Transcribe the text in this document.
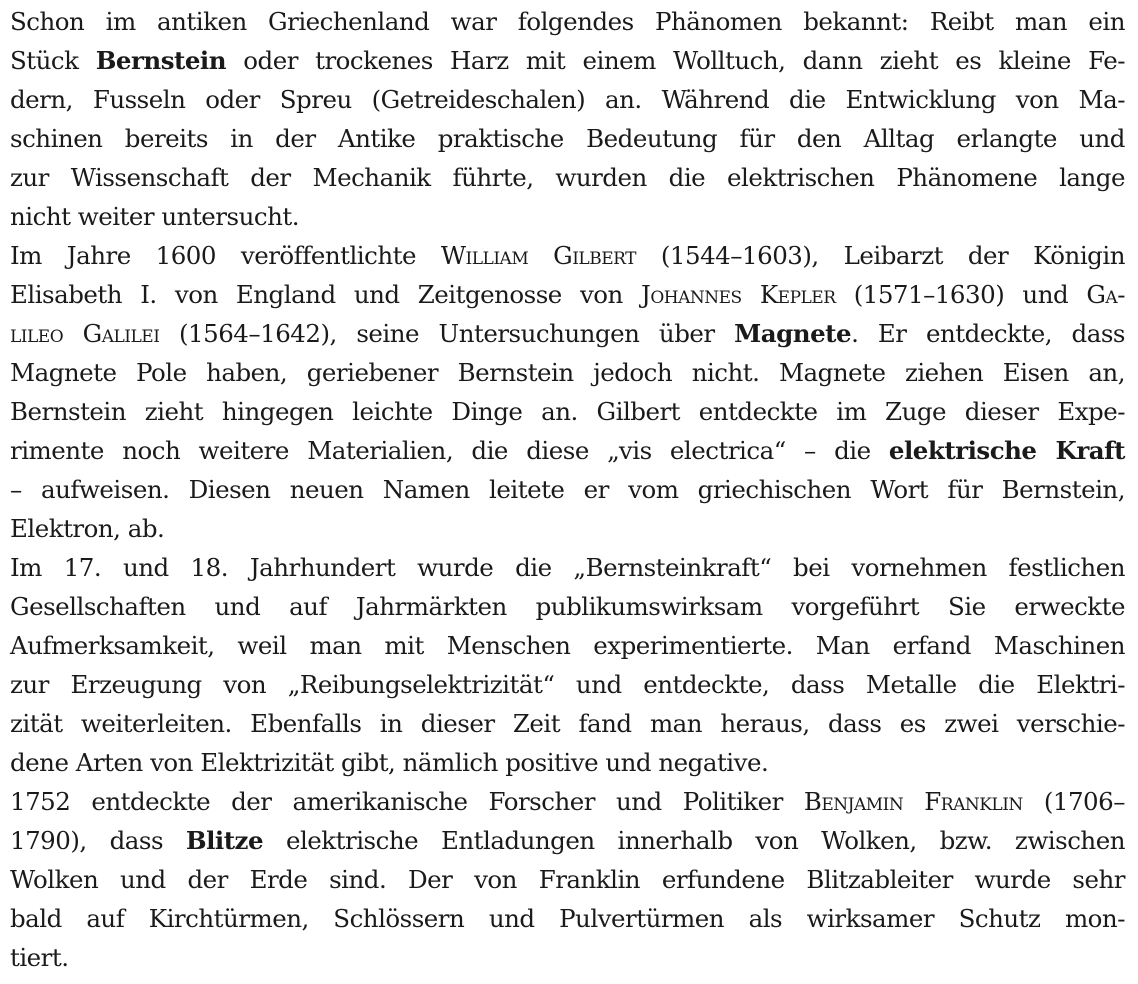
Schon im antiken Griechenland war folgendes Phänomen bekannt: Reibt man ein
Stück Bernstein oder trockenes Harz mit einem Wolltuch, dann zieht es kleine Fe-
dern, Fusseln oder Spreu (Getreideschalen) an. Während die Entwicklung von Ma-
schinen bereits in der Antike praktische Bedeutung für den Alltag erlangte und
zur Wissenschaft der Mechanik führte, wurden die elektrischen Phänomene lange
nicht weiter untersucht.
Im Jahre 1600 veröffentlichte William Gilbert (1544–1603), Leibarzt der Königin
Elisabeth I. von England und Zeitgenosse von Johannes Kepler (1571–1630) und Ga-
lileo Galilei (1564–1642), seine Untersuchungen über Magnete. Er entdeckte, dass
Magnete Pole haben, geriebener Bernstein jedoch nicht. Magnete ziehen Eisen an,
Bernstein zieht hingegen leichte Dinge an. Gilbert entdeckte im Zuge dieser Expe-
rimente noch weitere Materialien, die diese „vis electrica“ – die elektrische Kraft
– aufweisen. Diesen neuen Namen leitete er vom griechischen Wort für Bernstein,
Elektron, ab.
Im 17. und 18. Jahrhundert wurde die „Bernsteinkraft“ bei vornehmen festlichen
Gesellschaften und auf Jahrmärkten publikumswirksam vorgeführt Sie erweckte
Aufmerksamkeit, weil man mit Menschen experimentierte. Man erfand Maschinen
zur Erzeugung von „Reibungselektrizität“ und entdeckte, dass Metalle die Elektri-
zität weiterleiten. Ebenfalls in dieser Zeit fand man heraus, dass es zwei verschie-
dene Arten von Elektrizität gibt, nämlich positive und negative.
1752 entdeckte der amerikanische Forscher und Politiker Benjamin Franklin (1706–
1790), dass Blitze elektrische Entladungen innerhalb von Wolken, bzw. zwischen
Wolken und der Erde sind. Der von Franklin erfundene Blitzableiter wurde sehr
bald auf Kirchtürmen, Schlössern und Pulvertürmen als wirksamer Schutz mon-
tiert.
